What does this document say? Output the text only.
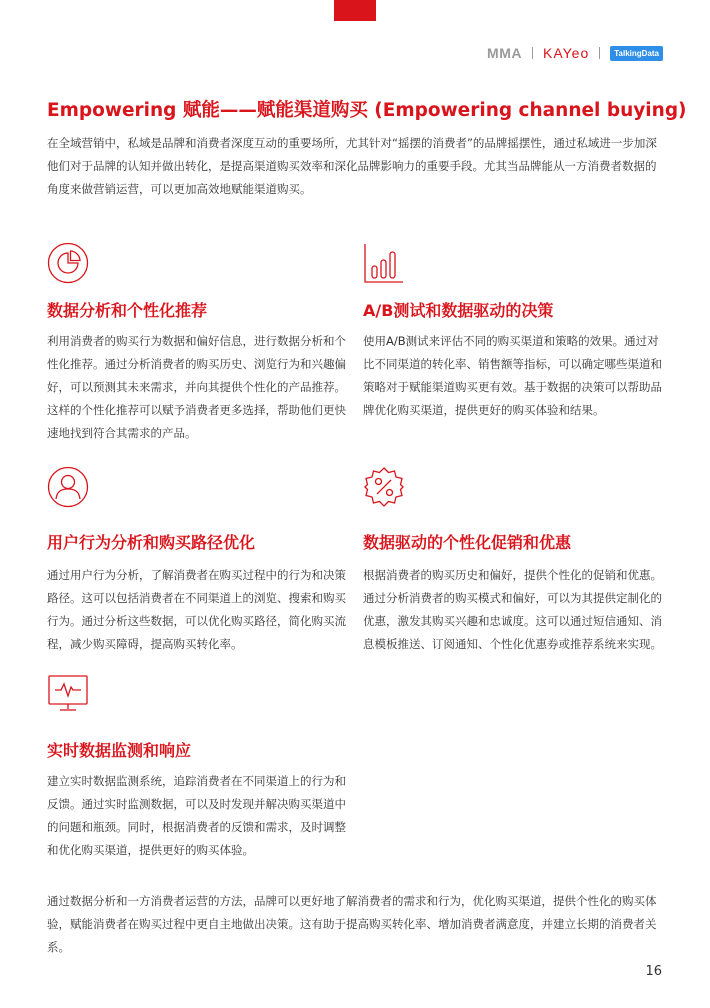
MMA KAYeo	TalkingData
Empowering 赋能——赋能渠道购买 (Empowering channel buying)

在全域营销中，私域是品牌和消费者深度互动的重要场所，尤其针对“摇摆的消费者”的品牌摇摆性，通过私域进一步加深他们对于品牌的认知并做出转化，是提高渠道购买效率和深化品牌影响力的重要手段。尤其当品牌能从一方消费者数据的角度来做营销运营，可以更加高效地赋能渠道购买。

数据分析和个性化推荐

利用消费者的购买行为数据和偏好信息，进行数据分析和个性化推荐。通过分析消费者的购买历史、浏览行为和兴趣偏好，可以预测其未来需求，并向其提供个性化的产品推荐。这样的个性化推荐可以赋予消费者更多选择，帮助他们更快速地找到符合其需求的产品。

A/B测试和数据驱动的决策

使用A/B测试来评估不同的购买渠道和策略的效果。通过对比不同渠道的转化率、销售额等指标，可以确定哪些渠道和策略对于赋能渠道购买更有效。基于数据的决策可以帮助品牌优化购买渠道，提供更好的购买体验和结果。

用户行为分析和购买路径优化

通过用户行为分析，了解消费者在购买过程中的行为和决策路径。这可以包括消费者在不同渠道上的浏览、搜索和购买行为。通过分析这些数据，可以优化购买路径，简化购买流程，减少购买障碍，提高购买转化率。

数据驱动的个性化促销和优惠

根据消费者的购买历史和偏好，提供个性化的促销和优惠。通过分析消费者的购买模式和偏好，可以为其提供定制化的优惠，激发其购买兴趣和忠诚度。这可以通过短信通知、消息模板推送、订阅通知、个性化优惠券或推荐系统来实现。

实时数据监测和响应

建立实时数据监测系统，追踪消费者在不同渠道上的行为和反馈。通过实时监测数据，可以及时发现并解决购买渠道中的问题和瓶颈。同时，根据消费者的反馈和需求，及时调整和优化购买渠道，提供更好的购买体验。

通过数据分析和一方消费者运营的方法，品牌可以更好地了解消费者的需求和行为，优化购买渠道，提供个性化的购买体验，赋能消费者在购买过程中更自主地做出决策。这有助于提高购买转化率、增加消费者满意度，并建立长期的消费者关系。

16
